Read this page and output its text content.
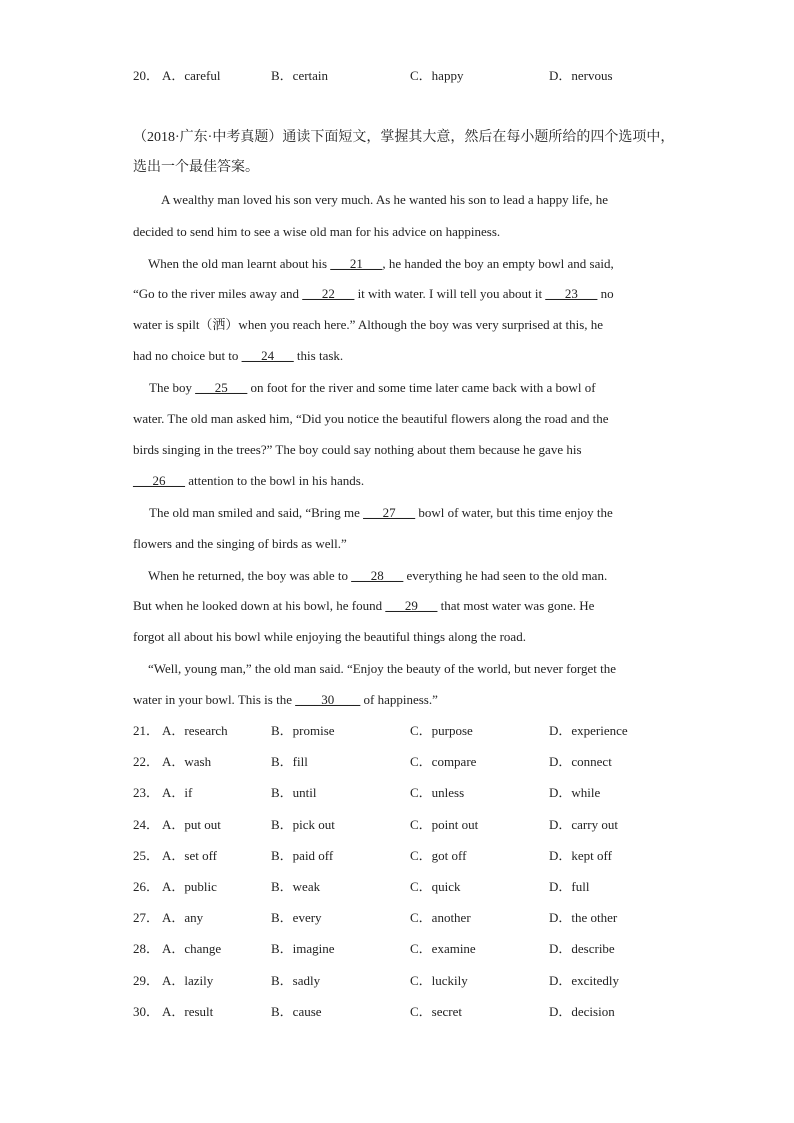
20． A．careful	B．certain	C．happy	D．nervous
（2018·广东·中考真题）通读下面短文，掌握其大意，然后在每小题所给的四个选项中，
选出一个最佳答案。
A wealthy man loved his son very much. As he wanted his son to lead a happy life, he
decided to send him to see a wise old man for his advice on happiness.
When the old man learnt about his ___21___, he handed the boy an empty bowl and said,
“Go to the river miles away and ___22___ it with water. I will tell you about it ___23___ no
water is spilt（洒）when you reach here.” Although the boy was very surprised at this, he
had no choice but to ___24___ this task.
The boy ___25___ on foot for the river and some time later came back with a bowl of
water. The old man asked him, “Did you notice the beautiful flowers along the road and the
birds singing in the trees?” The boy could say nothing about them because he gave his
___26___ attention to the bowl in his hands.
The old man smiled and said, “Bring me ___27___ bowl of water, but this time enjoy the
flowers and the singing of birds as well.”
When he returned, the boy was able to ___28___ everything he had seen to the old man.
But when he looked down at his bowl, he found ___29___ that most water was gone. He
forgot all about his bowl while enjoying the beautiful things along the road.
“Well, young man,” the old man said. “Enjoy the beauty of the world, but never forget the
water in your bowl. This is the ____30____ of happiness.”
21． A．research	B．promise	C．purpose	D．experience
22． A．wash	B．fill	C．compare	D．connect
23． A．if	B．until	C．unless	D．while
24． A．put out	B．pick out	C．point out	D．carry out
25． A．set off	B．paid off	C．got off	D．kept off
26． A．public	B．weak	C．quick	D．full
27． A．any	B．every	C．another	D．the other
28． A．change	B．imagine	C．examine	D．describe
29． A．lazily	B．sadly	C．luckily	D．excitedly
30． A．result	B．cause	C．secret	D．decision
